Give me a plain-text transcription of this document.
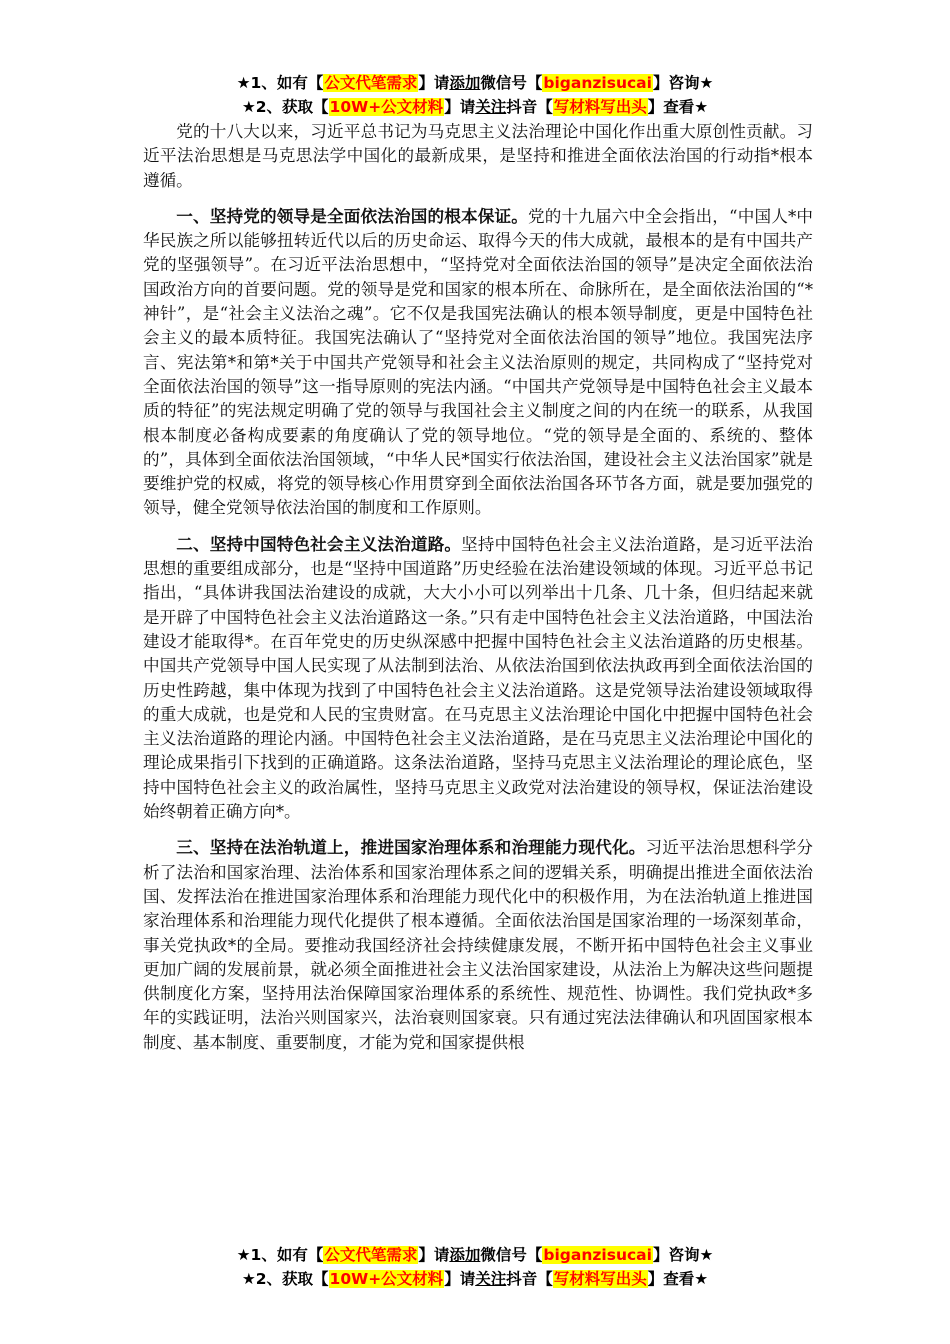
★1、如有【公文代笔需求】请添加微信号【biganzisucai】咨询★
★2、获取【10W+公文材料】请关注抖音【写材料写出头】查看★

党的十八大以来，习近平总书记为马克思主义法治理论中国化作出重大原创性贡献。习近平法治思想是马克思法学中国化的最新成果，是坚持和推进全面依法治国的行动指*根本遵循。

一、坚持党的领导是全面依法治国的根本保证。党的十九届六中全会指出，“中国人*中华民族之所以能够扭转近代以后的历史命运、取得今天的伟大成就，最根本的是有中国共产党的坚强领导”。在习近平法治思想中，“坚持党对全面依法治国的领导”是决定全面依法治国政治方向的首要问题。党的领导是党和国家的根本所在、命脉所在，是全面依法治国的“*神针”，是“社会主义法治之魂”。它不仅是我国宪法确认的根本领导制度，更是中国特色社会主义的最本质特征。我国宪法确认了“坚持党对全面依法治国的领导”地位。我国宪法序言、宪法第*和第*关于中国共产党领导和社会主义法治原则的规定，共同构成了“坚持党对全面依法治国的领导”这一指导原则的宪法内涵。“中国共产党领导是中国特色社会主义最本质的特征”的宪法规定明确了党的领导与我国社会主义制度之间的内在统一的联系，从我国根本制度必备构成要素的角度确认了党的领导地位。“党的领导是全面的、系统的、整体的”，具体到全面依法治国领域，“中华人民*国实行依法治国，建设社会主义法治国家”就是要维护党的权威，将党的领导核心作用贯穿到全面依法治国各环节各方面，就是要加强党的领导，健全党领导依法治国的制度和工作原则。

二、坚持中国特色社会主义法治道路。坚持中国特色社会主义法治道路，是习近平法治思想的重要组成部分，也是“坚持中国道路”历史经验在法治建设领域的体现。习近平总书记指出，“具体讲我国法治建设的成就，大大小小可以列举出十几条、几十条，但归结起来就是开辟了中国特色社会主义法治道路这一条。”只有走中国特色社会主义法治道路，中国法治建设才能取得*。在百年党史的历史纵深感中把握中国特色社会主义法治道路的历史根基。中国共产党领导中国人民实现了从法制到法治、从依法治国到依法执政再到全面依法治国的历史性跨越，集中体现为找到了中国特色社会主义法治道路。这是党领导法治建设领域取得的重大成就，也是党和人民的宝贵财富。在马克思主义法治理论中国化中把握中国特色社会主义法治道路的理论内涵。中国特色社会主义法治道路，是在马克思主义法治理论中国化的理论成果指引下找到的正确道路。这条法治道路，坚持马克思主义法治理论的理论底色，坚持中国特色社会主义的政治属性，坚持马克思主义政党对法治建设的领导权，保证法治建设始终朝着正确方向*。

三、坚持在法治轨道上，推进国家治理体系和治理能力现代化。习近平法治思想科学分析了法治和国家治理、法治体系和国家治理体系之间的逻辑关系，明确提出推进全面依法治国、发挥法治在推进国家治理体系和治理能力现代化中的积极作用，为在法治轨道上推进国家治理体系和治理能力现代化提供了根本遵循。全面依法治国是国家治理的一场深刻革命，事关党执政*的全局。要推动我国经济社会持续健康发展，不断开拓中国特色社会主义事业更加广阔的发展前景，就必须全面推进社会主义法治国家建设，从法治上为解决这些问题提供制度化方案，坚持用法治保障国家治理体系的系统性、规范性、协调性。我们党执政*多年的实践证明，法治兴则国家兴，法治衰则国家衰。只有通过宪法法律确认和巩固国家根本制度、基本制度、重要制度，才能为党和国家提供根

★1、如有【公文代笔需求】请添加微信号【biganzisucai】咨询★
★2、获取【10W+公文材料】请关注抖音【写材料写出头】查看★
